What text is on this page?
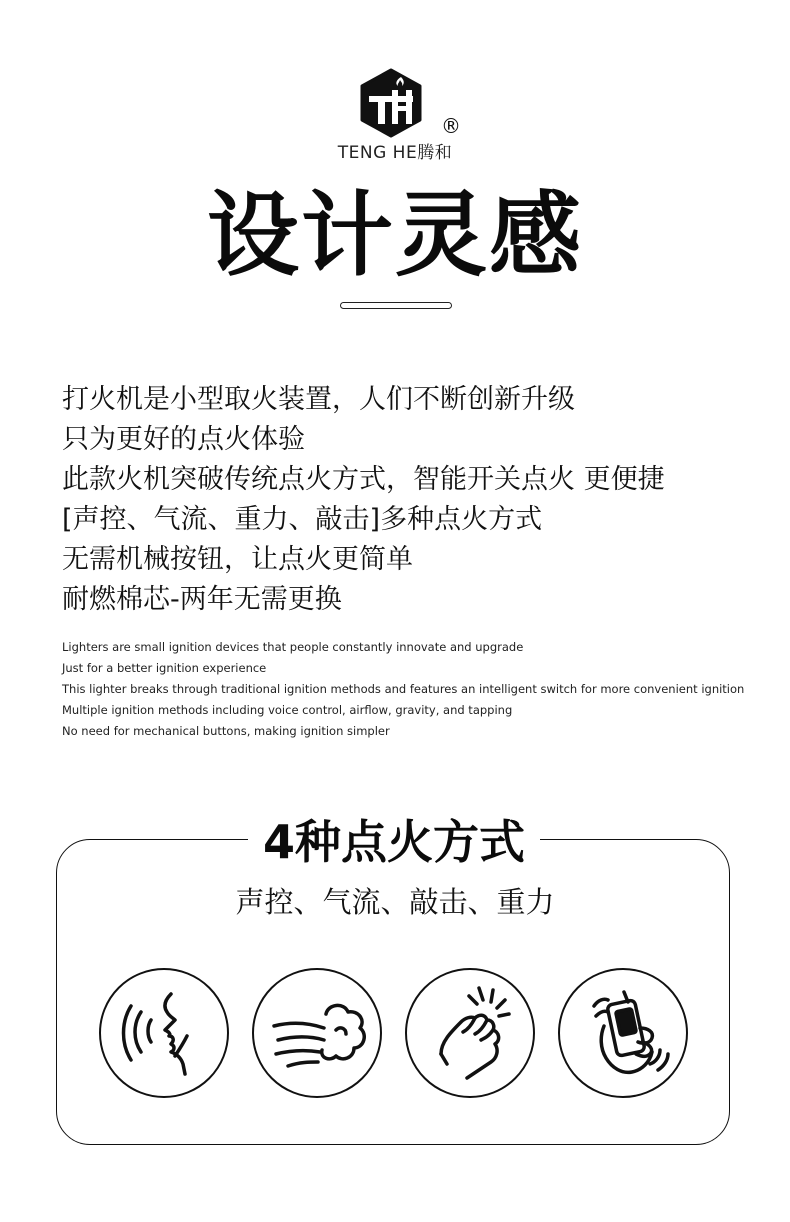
®
TENG HE腾和
设计灵感
打火机是小型取火装置，人们不断创新升级
只为更好的点火体验
此款火机突破传统点火方式，智能开关点火 更便捷
[声控、气流、重力、敲击]多种点火方式
无需机械按钮，让点火更简单
耐燃棉芯-两年无需更换
Lighters are small ignition devices that people constantly innovate and upgrade
Just for a better ignition experience
This lighter breaks through traditional ignition methods and features an intelligent switch for more convenient ignition
Multiple ignition methods including voice control, airflow, gravity, and tapping
No need for mechanical buttons, making ignition simpler
4种点火方式
声控、气流、敲击、重力
